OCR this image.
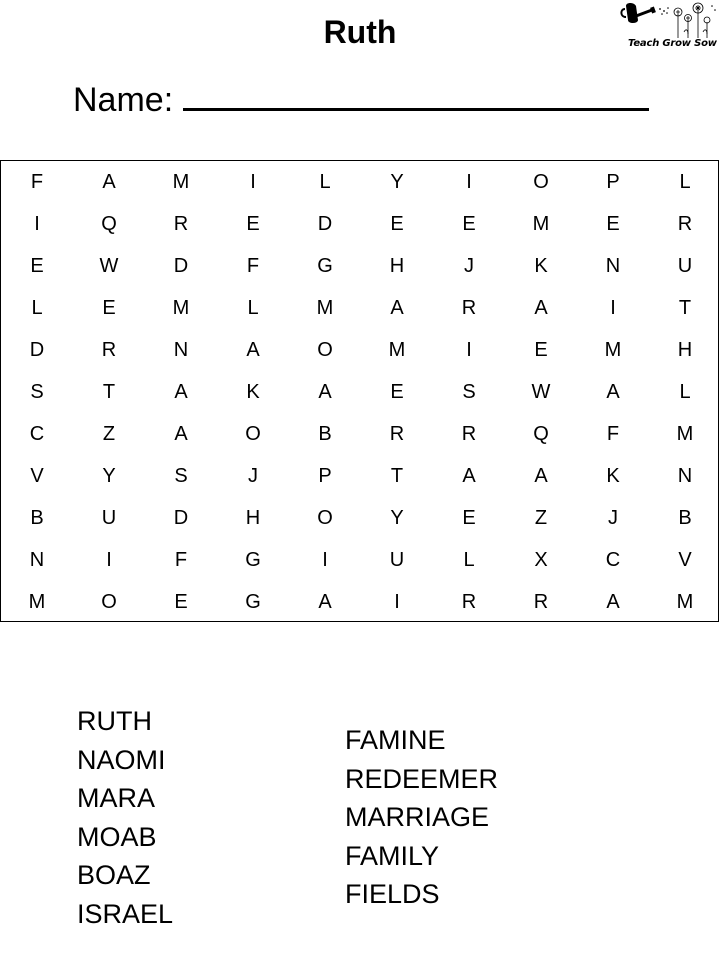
Ruth	Teach Grow Sow
Name:
F	A	M	I	L	Y	I	O	P	L
I	Q	R	E	D	E	E	M	E	R
E	W	D	F	G	H	J	K	N	U
L	E	M	L	M	A	R	A	I	T
D	R	N	A	O	M	I	E	M	H
S	T	A	K	A	E	S	W	A	L
C	Z	A	O	B	R	R	Q	F	M
V	Y	S	J	P	T	A	A	K	N
B	U	D	H	O	Y	E	Z	J	B
N	I	F	G	I	U	L	X	C	V
M	O	E	G	A	I	R	R	A	M
RUTH
NAOMI
MARA
MOAB
BOAZ
ISRAEL
FAMINE
REDEEMER
MARRIAGE
FAMILY
FIELDS
